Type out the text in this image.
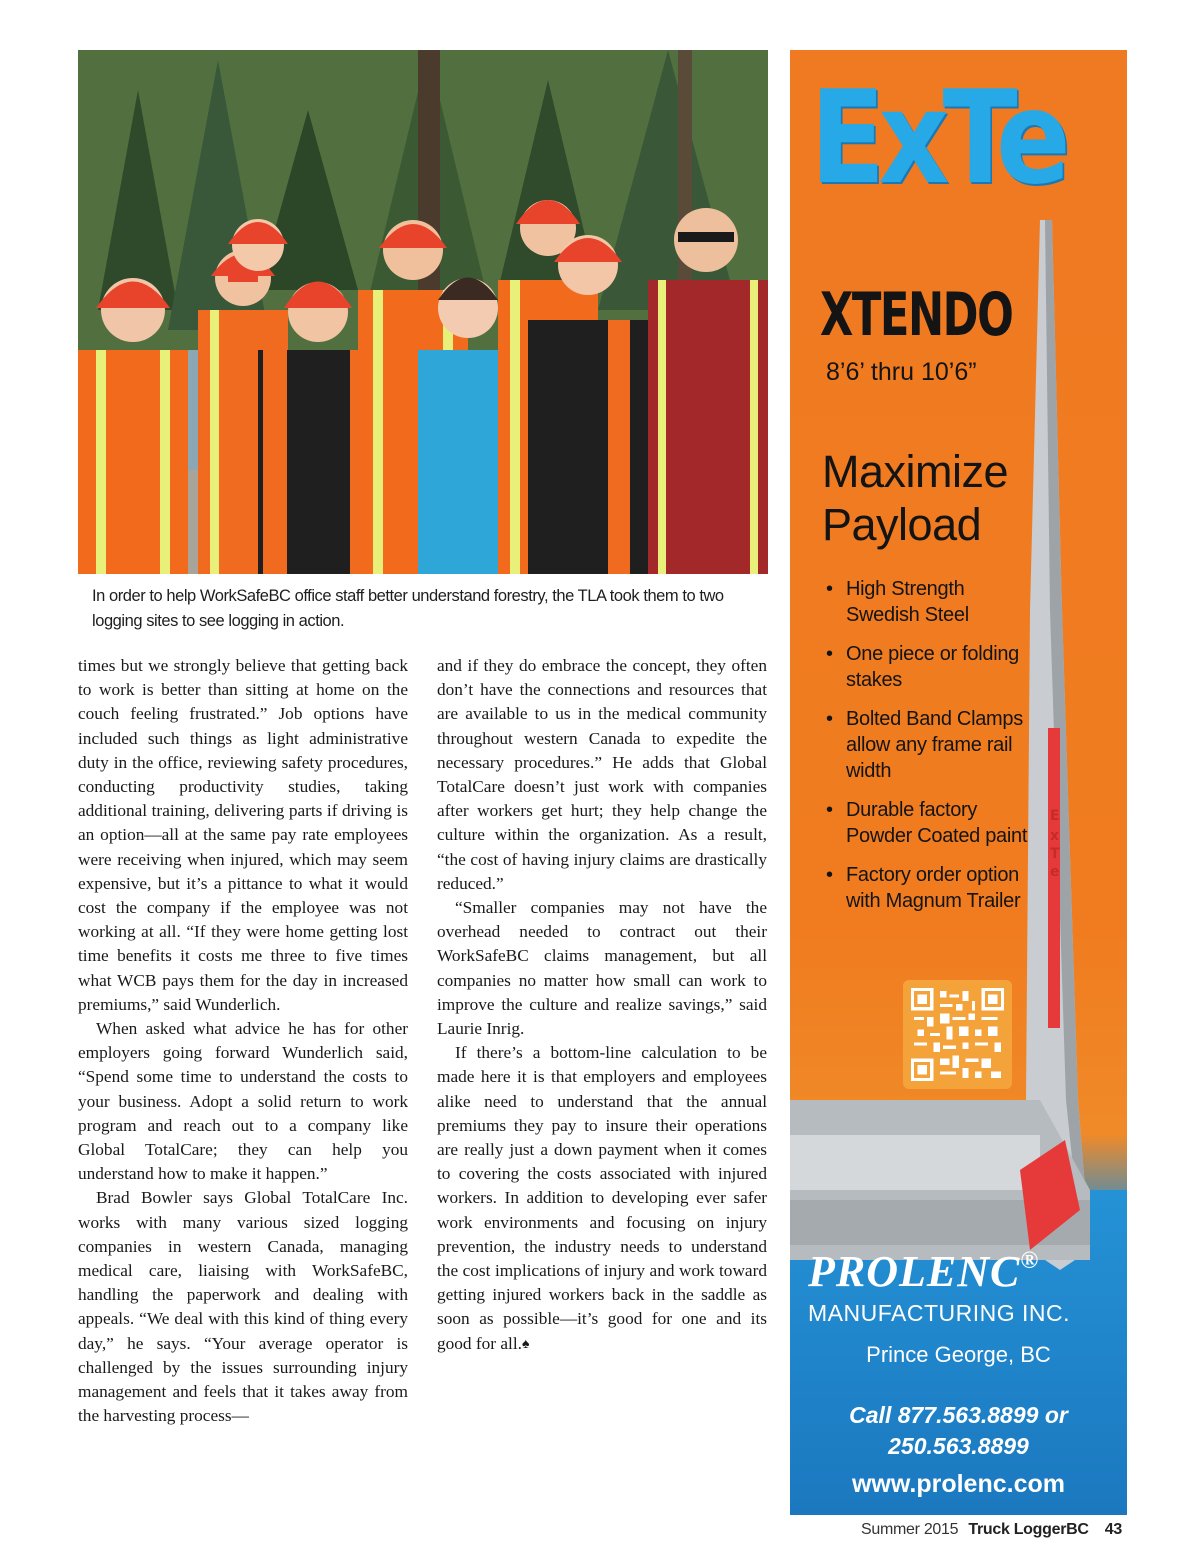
In order to help WorkSafeBC office staff better understand forestry, the TLA took them to two logging sites to see logging in action.

times but we strongly believe that getting back to work is better than sitting at home on the couch feeling frustrated.” Job options have included such things as light administrative duty in the office, reviewing safety procedures, conducting productivity studies, taking additional training, delivering parts if driving is an option—all at the same pay rate employees were receiving when injured, which may seem expensive, but it’s a pittance to what it would cost the company if the employee was not working at all. “If they were home getting lost time benefits it costs me three to five times what WCB pays them for the day in increased premiums,” said Wunderlich.

When asked what advice he has for other employers going forward Wunderlich said, “Spend some time to understand the costs to your business. Adopt a solid return to work program and reach out to a company like Global TotalCare; they can help you understand how to make it happen.”

Brad Bowler says Global TotalCare Inc. works with many various sized logging companies in western Canada, managing medical care, liaising with WorkSafeBC, handling the paperwork and dealing with appeals. “We deal with this kind of thing every day,” he says. “Your average operator is challenged by the issues surrounding injury management and feels that it takes away from the harvesting process—

and if they do embrace the concept, they often don’t have the connections and resources that are available to us in the medical community throughout western Canada to expedite the necessary procedures.” He adds that Global TotalCare doesn’t just work with companies after workers get hurt; they help change the culture within the organization. As a result, “the cost of having injury claims are drastically reduced.”

“Smaller companies may not have the overhead needed to contract out their WorkSafeBC claims management, but all companies no matter how small can work to improve the culture and realize savings,” said Laurie Inrig.

If there’s a bottom-line calculation to be made here it is that employers and employees alike need to understand that the annual premiums they pay to insure their operations are really just a down payment when it comes to covering the costs associated with injured workers. In addition to developing ever safer work environments and focusing on injury prevention, the industry needs to understand the cost implications of injury and work toward getting injured workers back in the saddle as soon as possible—it’s good for one and its good for all.♠

E
x
T
e
ExTe
XTENDO
8’6’ thru 10’6”
Maximize
Payload
• High Strength Swedish Steel
• One piece or folding stakes
• Bolted Band Clamps allow any frame rail width
• Durable factory Powder Coated paint
• Factory order option with Magnum Trailer
PROLENC®
MANUFACTURING INC.
Prince George, BC
Call 877.563.8899 or
250.563.8899
www.prolenc.com
Summer 2015 Truck LoggerBC 43
